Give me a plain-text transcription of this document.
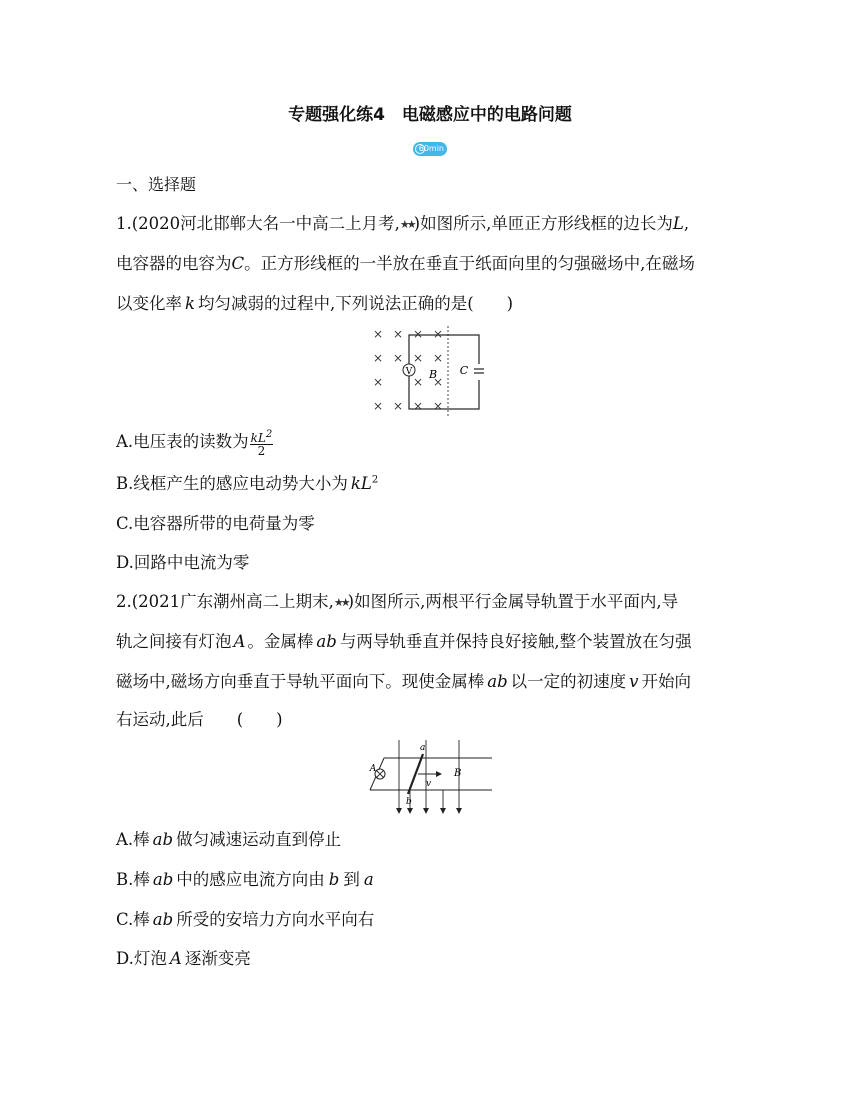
专题强化练4　电磁感应中的电路问题
60min
一、选择题
1.(2020河北邯郸大名一中高二上月考,★★)如图所示,单匝正方形线框的边长为L,
电容器的电容为C。正方形线框的一半放在垂直于纸面向里的匀强磁场中,在磁场
以变化率 k 均匀减弱的过程中,下列说法正确的是(　　)
× × × ×
× × × ×
× × ×
× × × ×
C
V B
A.电压表的读数为 $\frac{kL^2}{2}$
B.线框产生的感应电动势大小为 $kL^2$
C.电容器所带的电荷量为零
D.回路中电流为零
2.(2021广东潮州高二上期末,★★)如图所示,两根平行金属导轨置于水平面内,导
轨之间接有灯泡 A 。金属棒 ab 与两导轨垂直并保持良好接触,整个装置放在匀强
磁场中,磁场方向垂直于导轨平面向下。现使金属棒 ab 以一定的初速度 v 开始向
右运动,此后　　(　　)
A
a
b
v
B
A.棒 ab 做匀减速运动直到停止
B.棒 ab 中的感应电流方向由 b 到 a
C.棒 ab 所受的安培力方向水平向右
D.灯泡 A 逐渐变亮
